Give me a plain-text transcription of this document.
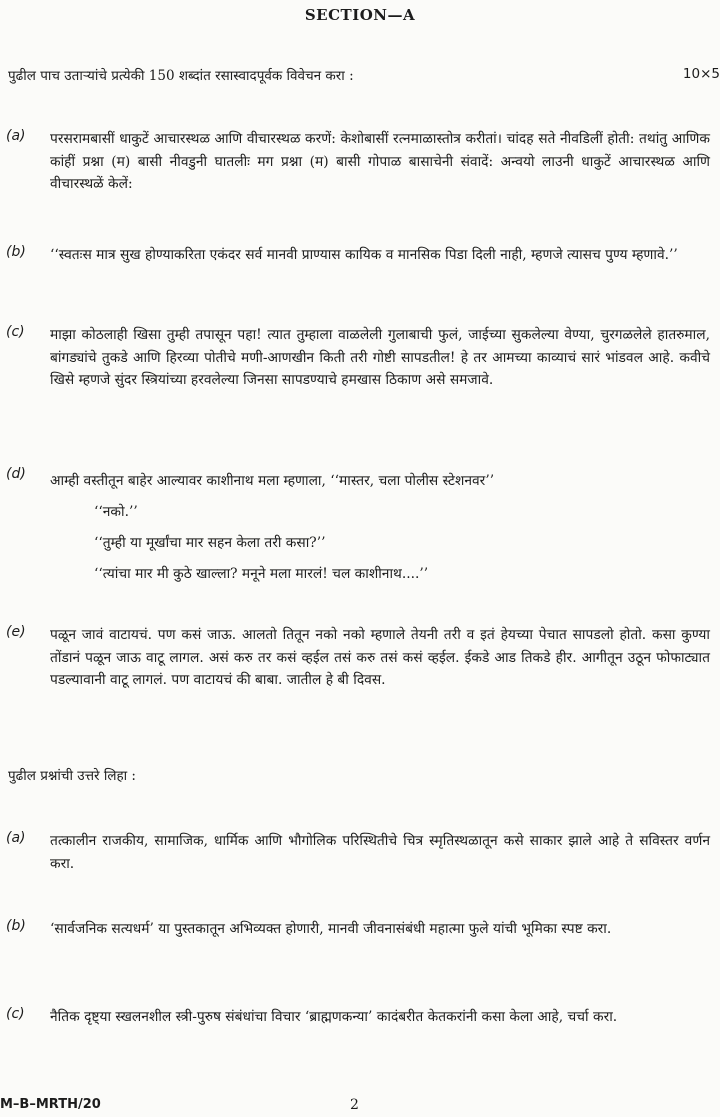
SECTION—A
पुढील पाच उताऱ्यांचे प्रत्येकी 150 शब्दांत रसास्वादपूर्वक विवेचन करा :	10×5
(a)	परसरामबासीं धाकुटें आचारस्थळ आणि वीचारस्थळ करणें: केशोबासीं रत्नमाळास्तोत्र करीतां। चांदह सते नीवडिलीं होती: तथांतु आणिक कांहीं प्रश्ना (म) बासी नीवडुनी घातलीः मग प्रश्ना (म) बासी गोपाळ बासाचेनी संवादें: अन्वयो लाउनी धाकुटें आचारस्थळ आणि वीचारस्थळें केलें:
(b)	‘‘स्वतःस मात्र सुख होण्याकरिता एकंदर सर्व मानवी प्राण्यास कायिक व मानसिक पिडा दिली नाही, म्हणजे त्यासच पुण्य म्हणावे.’’
(c)	माझा कोठलाही खिसा तुम्ही तपासून पहा! त्यात तुम्हाला वाळलेली गुलाबाची फुलं, जाईच्या सुकलेल्या वेण्या, चुरगळलेले हातरुमाल, बांगड्यांचे तुकडे आणि हिरव्या पोतीचे मणी-आणखीन किती तरी गोष्टी सापडतील! हे तर आमच्या काव्याचं सारं भांडवल आहे. कवीचे खिसे म्हणजे सुंदर स्त्रियांच्या हरवलेल्या जिनसा सापडण्याचे हमखास ठिकाण असे समजावे.
(d)	आम्ही वस्तीतून बाहेर आल्यावर काशीनाथ मला म्हणाला, ‘‘मास्तर, चला पोलीस स्टेशनवर’’
‘‘नको.’’
‘‘तुम्ही या मूर्खांचा मार सहन केला तरी कसा?’’
‘‘त्यांचा मार मी कुठे खाल्ला? मनूने मला मारलं! चल काशीनाथ....’’
(e)	पळून जावं वाटायचं. पण कसं जाऊ. आलतो तितून नको नको म्हणाले तेयनी तरी व इतं हेयच्या पेचात सापडलो होतो. कसा कुण्या तोंडानं पळून जाऊ वाटू लागल. असं करु तर कसं व्हईल तसं करु तसं कसं व्हईल. ईकडे आड तिकडे हीर. आगीतून उठून फोफाट्यात पडल्यावानी वाटू लागलं. पण वाटायचं की बाबा. जातील हे बी दिवस.
पुढील प्रश्नांची उत्तरे लिहा :
(a)	तत्कालीन राजकीय, सामाजिक, धार्मिक आणि भौगोलिक परिस्थितीचे चित्र स्मृतिस्थळातून कसे साकार झाले आहे ते सविस्तर वर्णन करा.
(b)	‘सार्वजनिक सत्यधर्म’ या पुस्तकातून अभिव्यक्त होणारी, मानवी जीवनासंबंधी महात्मा फुले यांची भूमिका स्पष्ट करा.
(c)	नैतिक दृष्ट्या स्खलनशील स्त्री-पुरुष संबंधांचा विचार ‘ब्राह्मणकन्या’ कादंबरीत केतकरांनी कसा केला आहे, चर्चा करा.
M–B–MRTH/20	2
